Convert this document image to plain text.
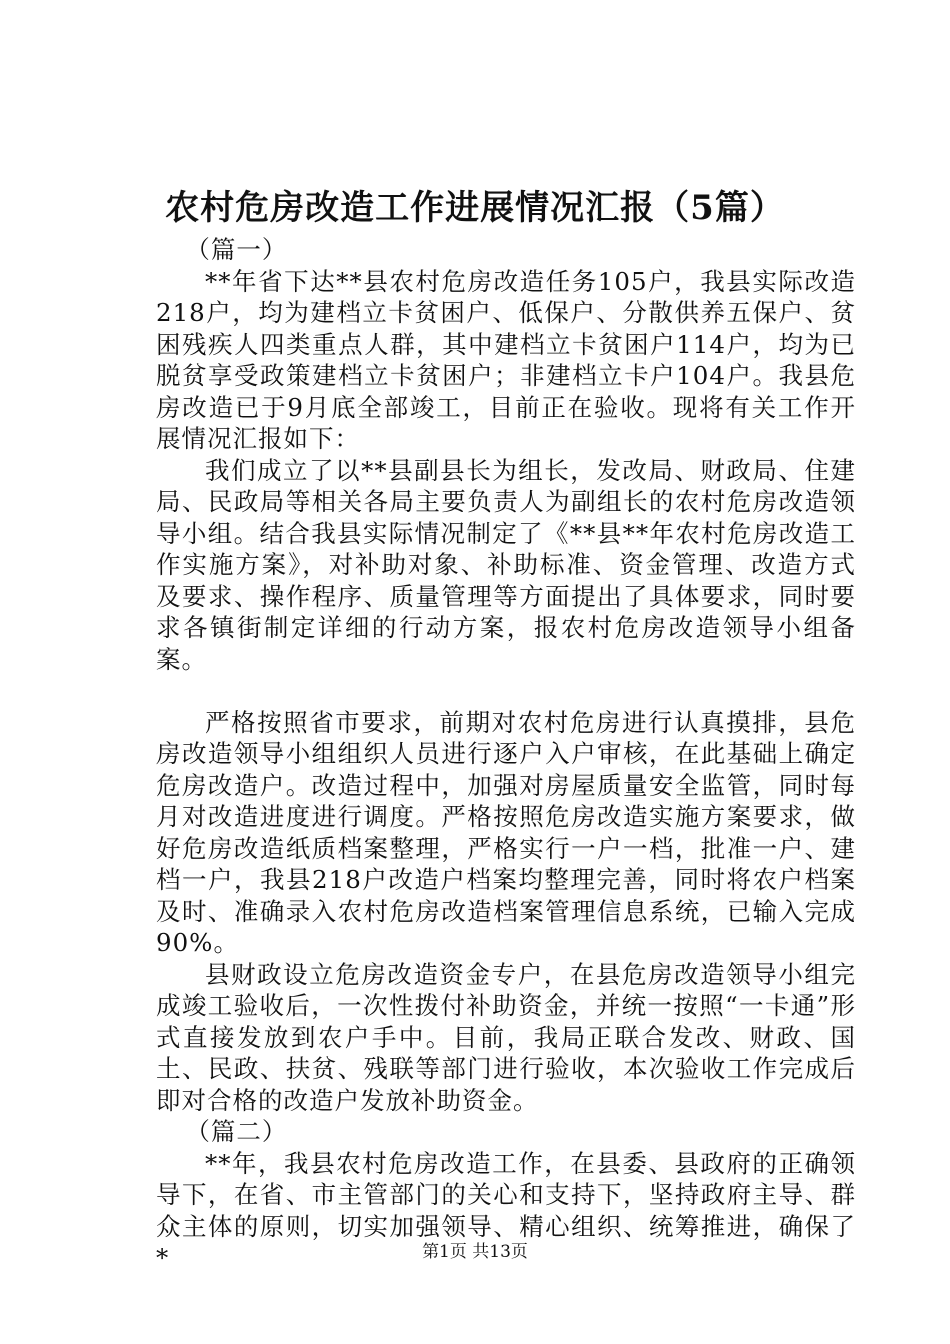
农村危房改造工作进展情况汇报（5篇）

（篇一）

**年省下达**县农村危房改造任务105户，我县实际改造218户，均为建档立卡贫困户、低保户、分散供养五保户、贫困残疾人四类重点人群，其中建档立卡贫困户114户，均为已脱贫享受政策建档立卡贫困户；非建档立卡户104户。我县危房改造已于9月底全部竣工，目前正在验收。现将有关工作开展情况汇报如下：

我们成立了以**县副县长为组长，发改局、财政局、住建局、民政局等相关各局主要负责人为副组长的农村危房改造领导小组。结合我县实际情况制定了《**县**年农村危房改造工作实施方案》，对补助对象、补助标准、资金管理、改造方式及要求、操作程序、质量管理等方面提出了具体要求，同时要求各镇街制定详细的行动方案，报农村危房改造领导小组备案。

严格按照省市要求，前期对农村危房进行认真摸排，县危房改造领导小组组织人员进行逐户入户审核，在此基础上确定危房改造户。改造过程中，加强对房屋质量安全监管，同时每月对改造进度进行调度。严格按照危房改造实施方案要求，做好危房改造纸质档案整理，严格实行一户一档，批准一户、建档一户，我县218户改造户档案均整理完善，同时将农户档案及时、准确录入农村危房改造档案管理信息系统，已输入完成90%。

县财政设立危房改造资金专户，在县危房改造领导小组完成竣工验收后，一次性拨付补助资金，并统一按照“一卡通”形式直接发放到农户手中。目前，我局正联合发改、财政、国土、民政、扶贫、残联等部门进行验收，本次验收工作完成后即对合格的改造户发放补助资金。

（篇二）

**年，我县农村危房改造工作，在县委、县政府的正确领导下，在省、市主管部门的关心和支持下，坚持政府主导、群众主体的原则，切实加强领导、精心组织、统筹推进，确保了*	第1页 共13页
